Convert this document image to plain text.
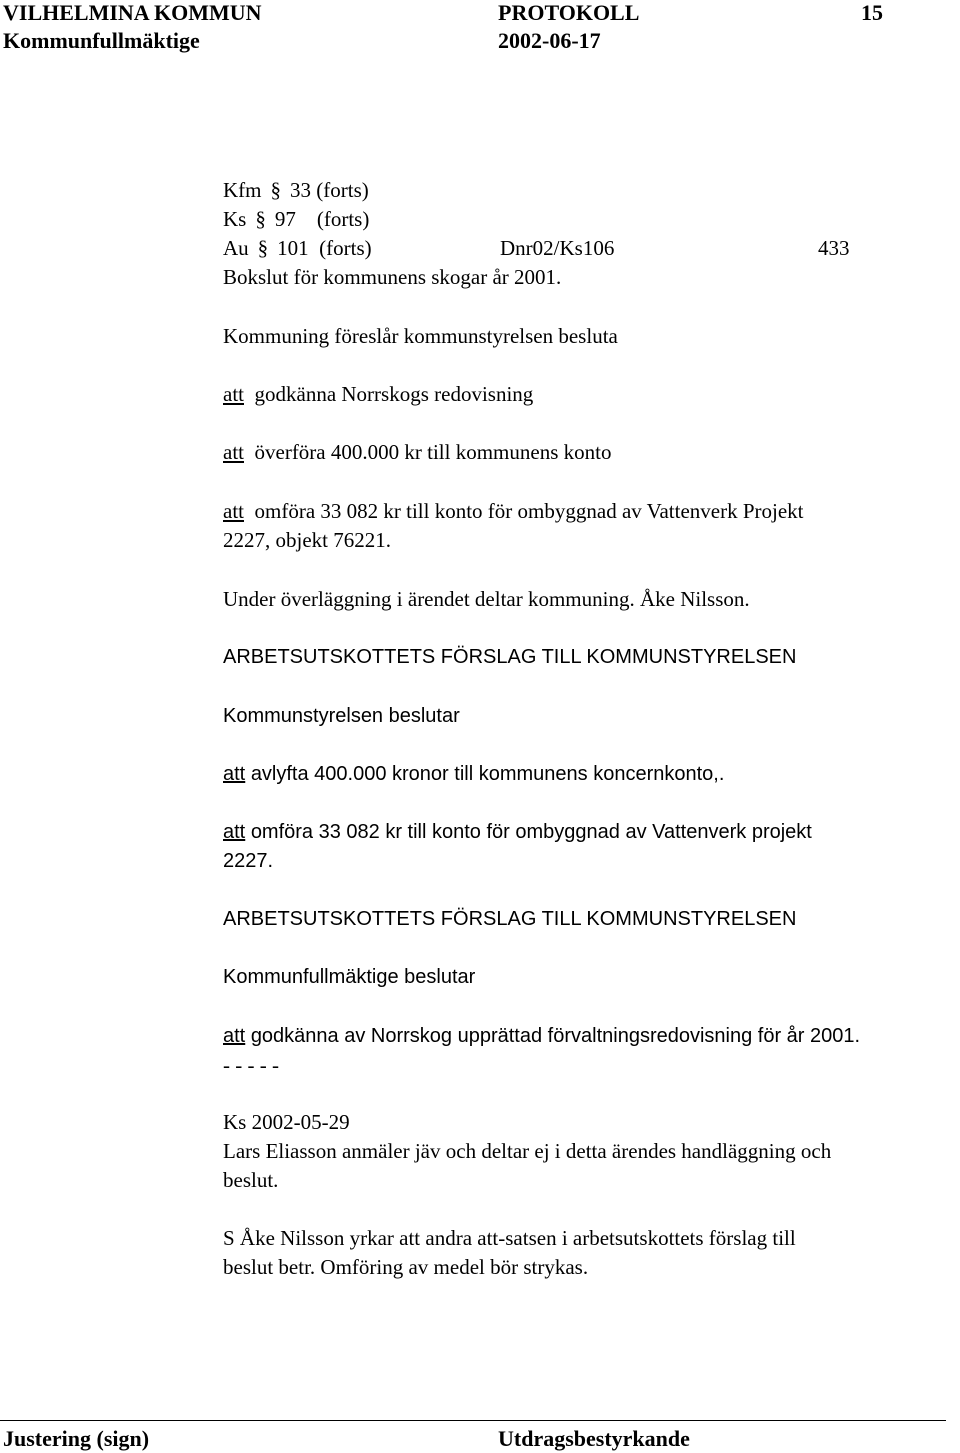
VILHELMINA KOMMUN	PROTOKOLL	15
Kommunfullmäktige	2002-06-17
Kfm § 33 (forts)
Ks § 97 (forts)
Au § 101 (forts)	Dnr02/Ks106	433
Bokslut för kommunens skogar år 2001.
Kommuning föreslår kommunstyrelsen besluta
att godkänna Norrskogs redovisning
att överföra 400.000 kr till kommunens konto
att omföra 33 082 kr till konto för ombyggnad av Vattenverk Projekt
2227, objekt 76221.
Under överläggning i ärendet deltar kommuning. Åke Nilsson.
ARBETSUTSKOTTETS FÖRSLAG TILL KOMMUNSTYRELSEN
Kommunstyrelsen beslutar
att avlyfta 400.000 kronor till kommunens koncernkonto,.
att omföra 33 082 kr till konto för ombyggnad av Vattenverk projekt
2227.
ARBETSUTSKOTTETS FÖRSLAG TILL KOMMUNSTYRELSEN
Kommunfullmäktige beslutar
att godkänna av Norrskog upprättad förvaltningsredovisning för år 2001.
- - - - -
Ks 2002-05-29
Lars Eliasson anmäler jäv och deltar ej i detta ärendes handläggning och
beslut.
S Åke Nilsson yrkar att andra att-satsen i arbetsutskottets förslag till
beslut betr. Omföring av medel bör strykas.
Justering (sign)	Utdragsbestyrkande
